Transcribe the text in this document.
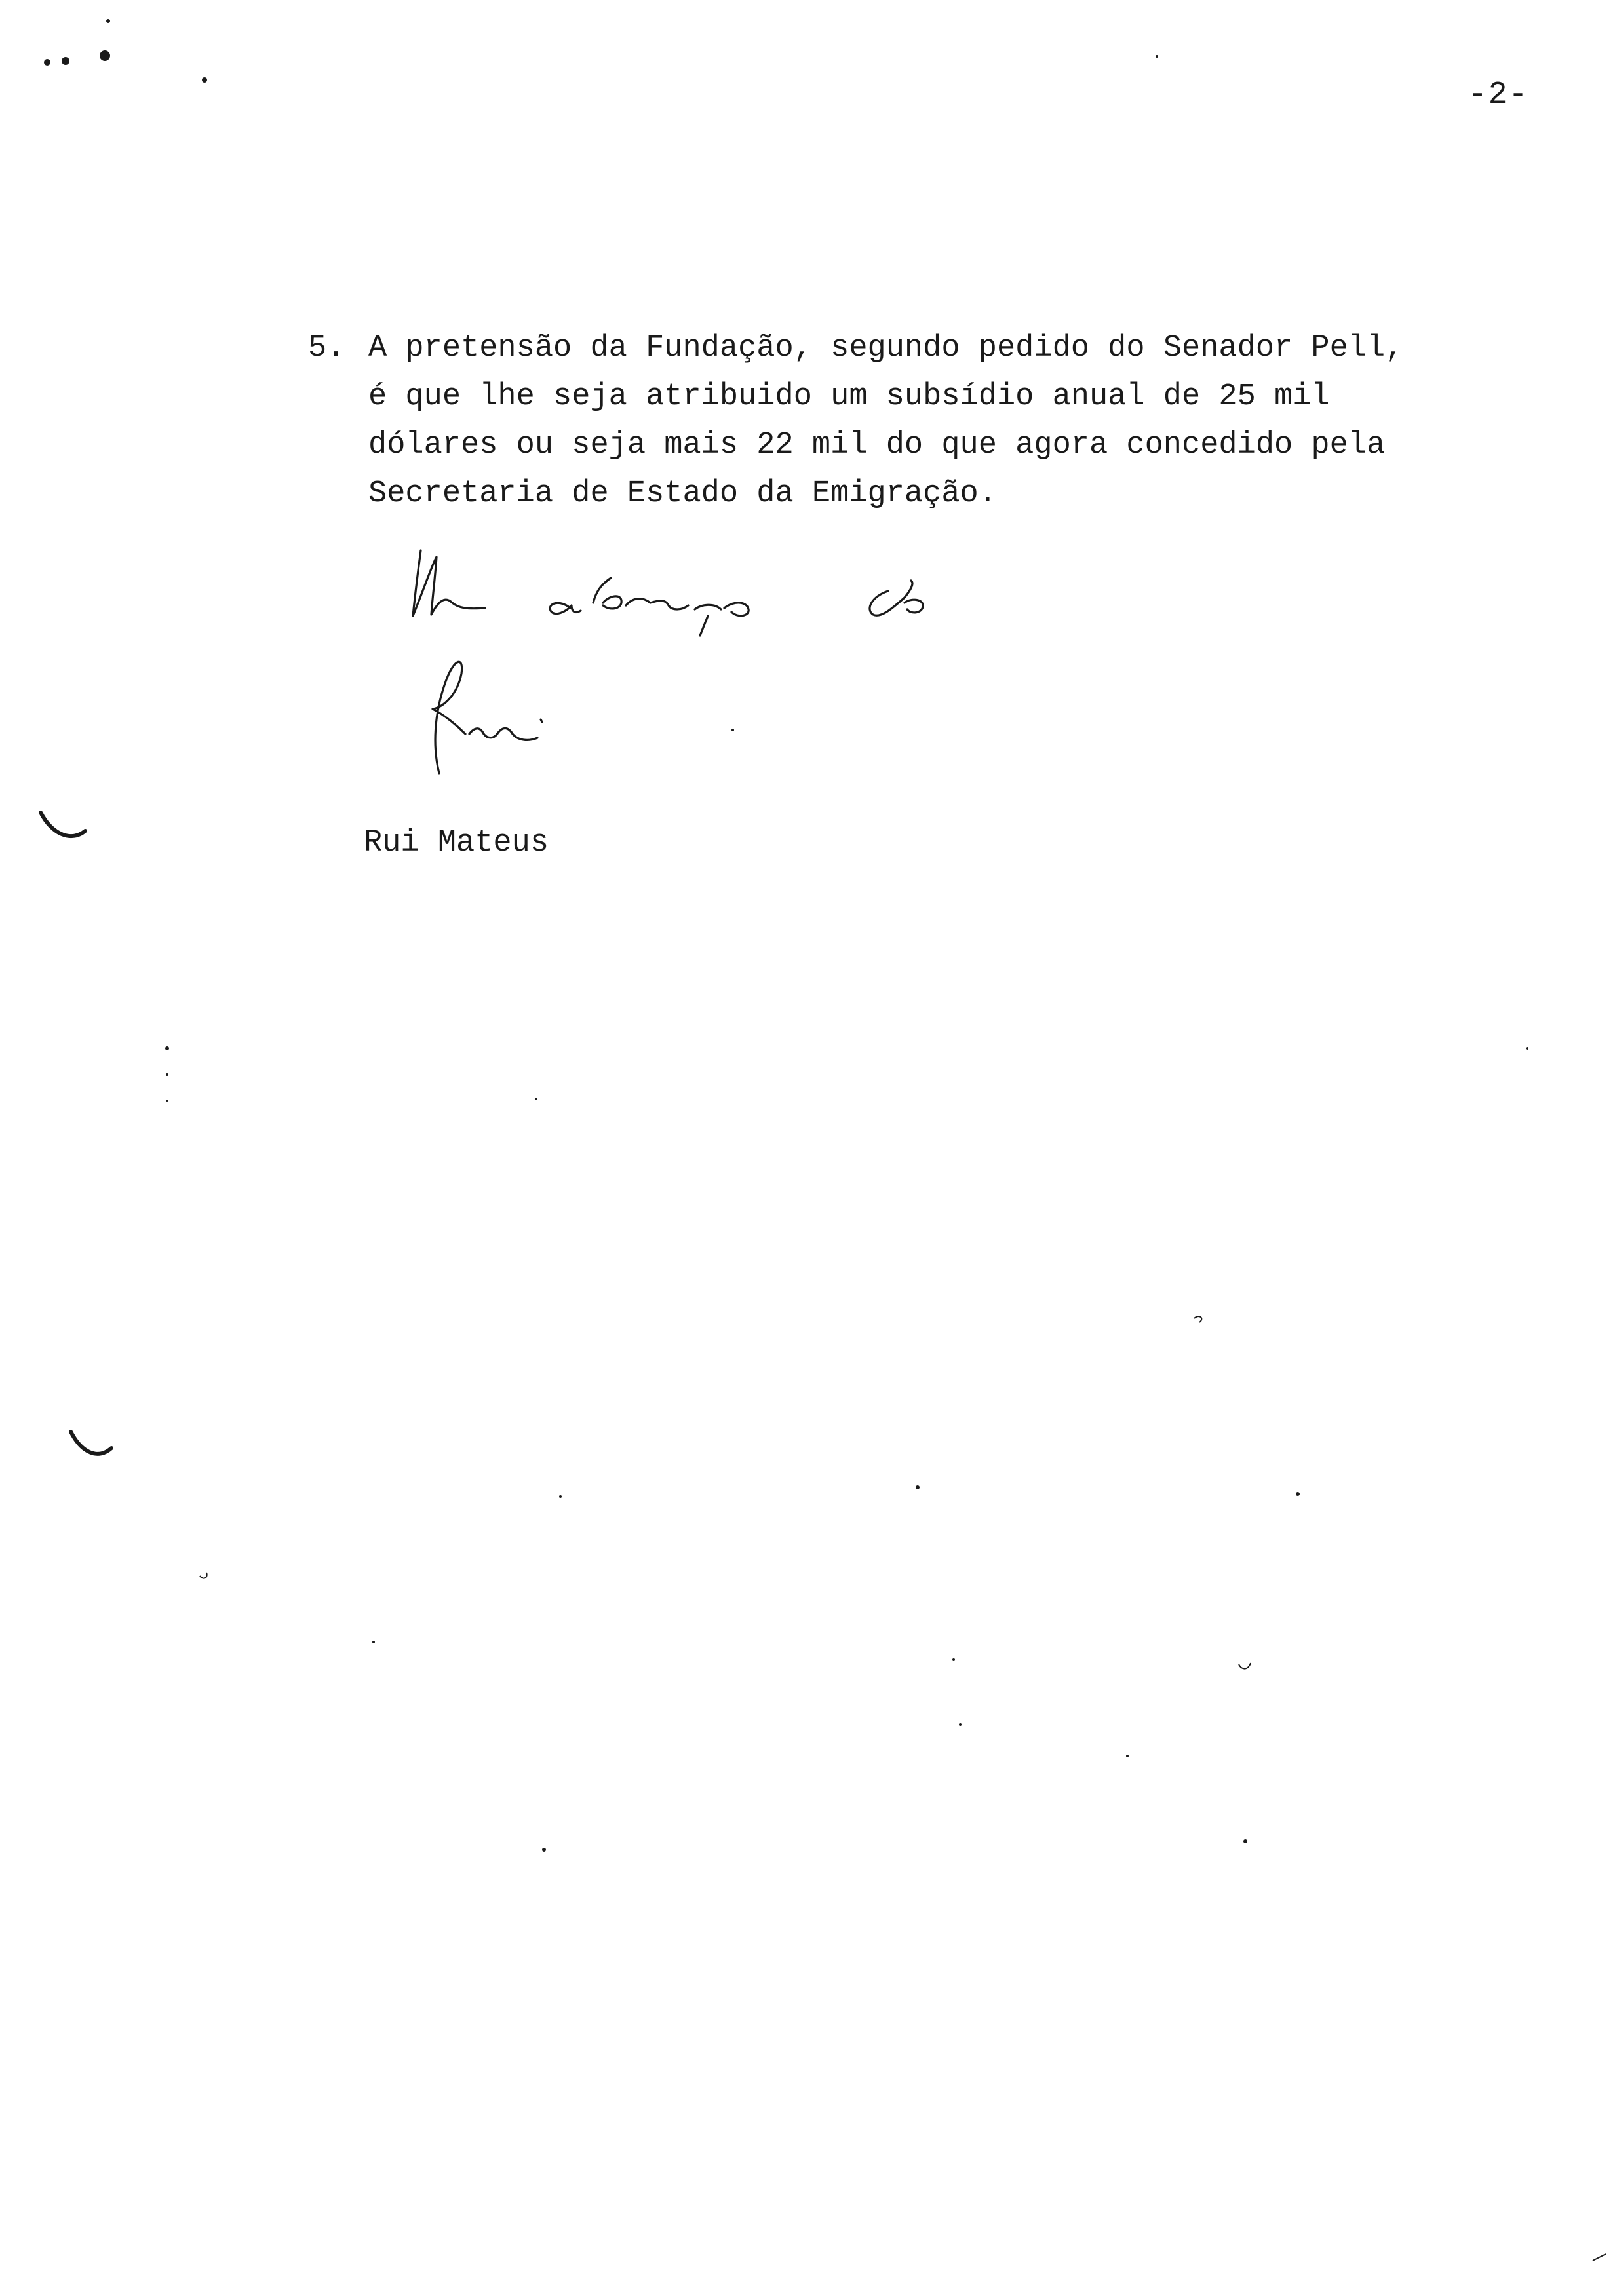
-2-
5. A pretensão da Fundação, segundo pedido do Senador Pell,
é que lhe seja atribuido um subsídio anual de 25 mil
dólares ou seja mais 22 mil do que agora concedido pela
Secretaria de Estado da Emigração.
Rui Mateus
